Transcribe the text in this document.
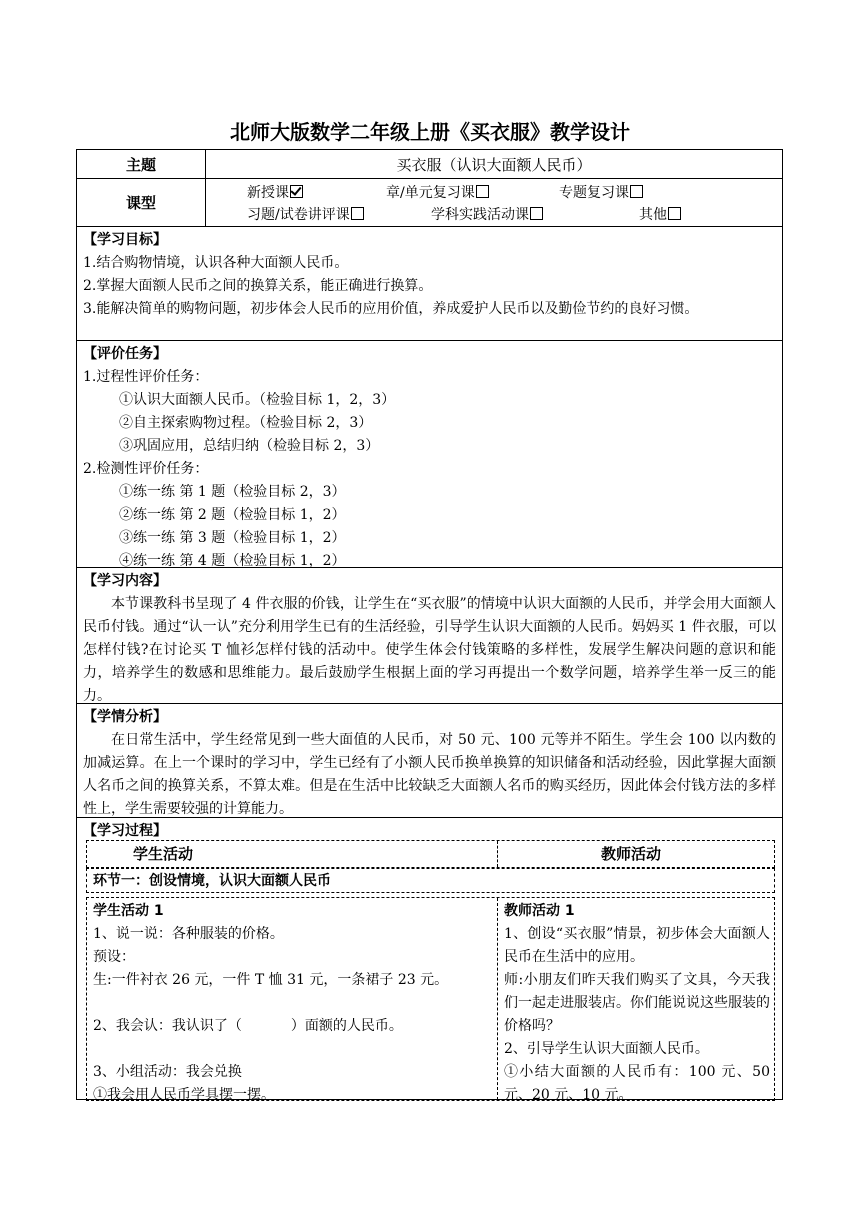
北师大版数学二年级上册《买衣服》教学设计
主题	买衣服（认识大面额人民币）
课型
新授课	章/单元复习课	专题复习课
习题/试卷讲评课	学科实践活动课	其他
【学习目标】
1.结合购物情境，认识各种大面额人民币。
2.掌握大面额人民币之间的换算关系，能正确进行换算。
3.能解决简单的购物问题，初步体会人民币的应用价值，养成爱护人民币以及勤俭节约的良好习惯。
【评价任务】
1.过程性评价任务：
①认识大面额人民币。（检验目标 1，2，3）
②自主探索购物过程。（检验目标 2，3）
③巩固应用，总结归纳（检验目标 2，3）
2.检测性评价任务：
①练一练 第 1 题（检验目标 2，3）
②练一练 第 2 题（检验目标 1，2）
③练一练 第 3 题（检验目标 1，2）
④练一练 第 4 题（检验目标 1，2）
【学习内容】
本节课教科书呈现了 4 件衣服的价钱，让学生在“买衣服”的情境中认识大面额的人民币，并学会用大面额人民币付钱。通过“认一认”充分利用学生已有的生活经验，引导学生认识大面额的人民币。妈妈买 1 件衣服，可以怎样付钱?在讨论买 T 恤衫怎样付钱的活动中。使学生体会付钱策略的多样性，发展学生解决问题的意识和能力，培养学生的数感和思维能力。最后鼓励学生根据上面的学习再提出一个数学问题，培养学生举一反三的能力。
【学情分析】
在日常生活中，学生经常见到一些大面值的人民币，对 50 元、100 元等并不陌生。学生会 100 以内数的加减运算。在上一个课时的学习中，学生已经有了小额人民币换单换算的知识储备和活动经验，因此掌握大面额人名币之间的换算关系，不算太难。但是在生活中比较缺乏大面额人名币的购买经历，因此体会付钱方法的多样性上，学生需要较强的计算能力。
【学习过程】
学生活动	教师活动
环节一：创设情境，认识大面额人民币
学生活动 1
1、说一说：各种服装的价格。
预设：
生:一件衬衣 26 元，一件 T 恤 31 元，一条裙子 23 元。
2、我会认：我认识了（           ）面额的人民币。
3、小组活动：我会兑换
①我会用人民币学具摆一摆。
教师活动 1
1、创设“买衣服”情景，初步体会大面额人民币在生活中的应用。
师:小朋友们昨天我们购买了文具，今天我们一起走进服装店。你们能说说这些服装的价格吗？
2、引导学生认识大面额人民币。
①小结大面额的人民币有：100 元、50 元、20 元、10 元。
